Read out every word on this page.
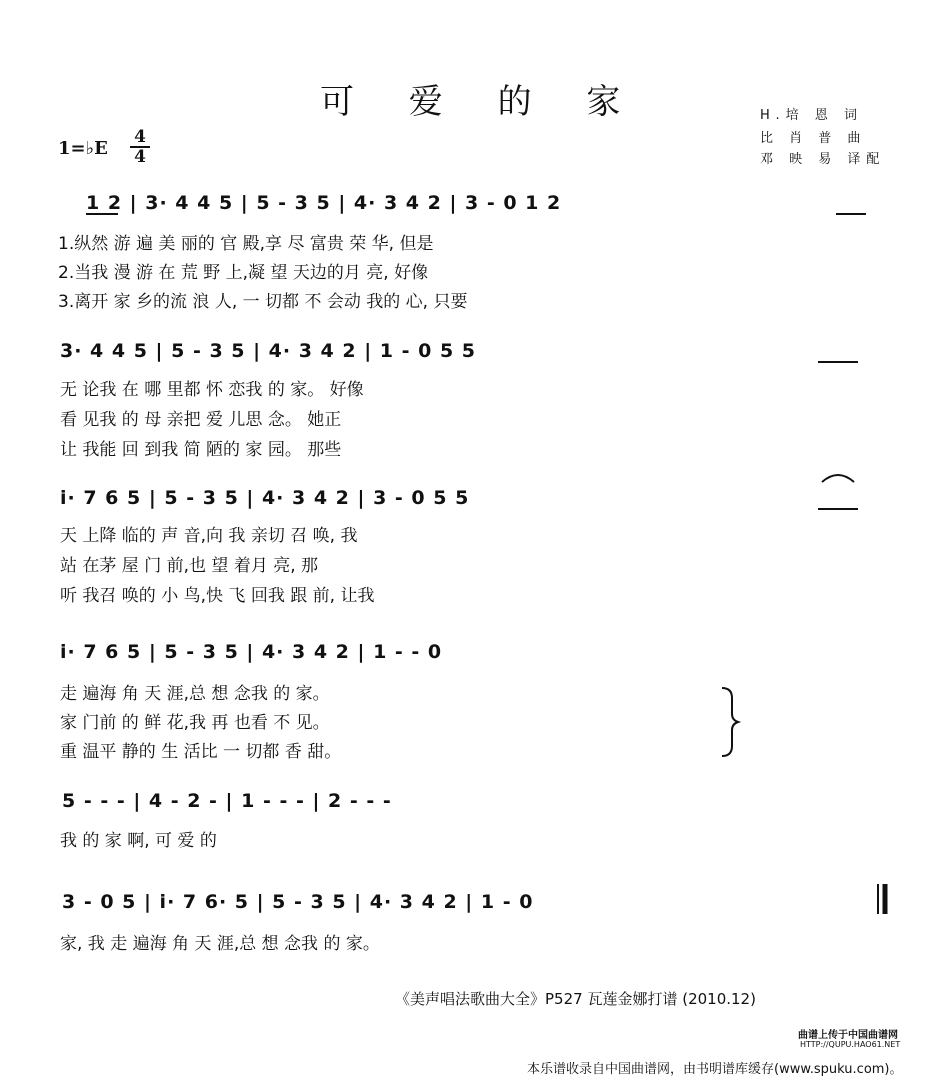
可 爱 的 家	H.培 恩 词
比 肖 普 曲
邓 映 易 译配
1=♭E
4
4
1 2 | 3· 4 4 5 | 5 - 3 5 | 4· 3 4 2 | 3 - 0 1 2
1.纵然 游 遍 美 丽的 官 殿,享 尽 富贵 荣 华, 但是
2.当我 漫 游 在 荒 野 上,凝 望 天边的月 亮, 好像
3.离开 家 乡的流 浪 人, 一 切都 不 会动 我的 心, 只要
3· 4 4 5 | 5 - 3 5 | 4· 3 4 2 | 1 - 0 5 5
无 论我 在 哪 里都 怀 恋我 的 家。 好像
看 见我 的 母 亲把 爱 儿思 念。 她正
让 我能 回 到我 简 陋的 家 园。 那些
i· 7 6 5 | 5 - 3 5 | 4· 3 4 2 | 3 - 0 5 5
天 上降 临的 声 音,向 我 亲切 召 唤, 我
站 在茅 屋 门 前,也 望 着月 亮, 那
听 我召 唤的 小 鸟,快 飞 回我 跟 前, 让我
i· 7 6 5 | 5 - 3 5 | 4· 3 4 2 | 1 - - 0
走 遍海 角 天 涯,总 想 念我 的 家。
家 门前 的 鲜 花,我 再 也看 不 见。
重 温平 静的 生 活比 一 切都 香 甜。
5 - - - | 4 - 2 - | 1 - - - | 2 - - -
我 的 家 啊, 可 爱 的
3 - 0 5 | i· 7 6· 5 | 5 - 3 5 | 4· 3 4 2 | 1 - 0
家, 我 走 遍海 角 天 涯,总 想 念我 的 家。
《美声唱法歌曲大全》P527 瓦莲金娜打谱 (2010.12)
曲谱上传于中国曲谱网
HTTP://QUPU.HAO61.NET
本乐谱收录自中国曲谱网，由书明谱库缓存(www.spuku.com)。
